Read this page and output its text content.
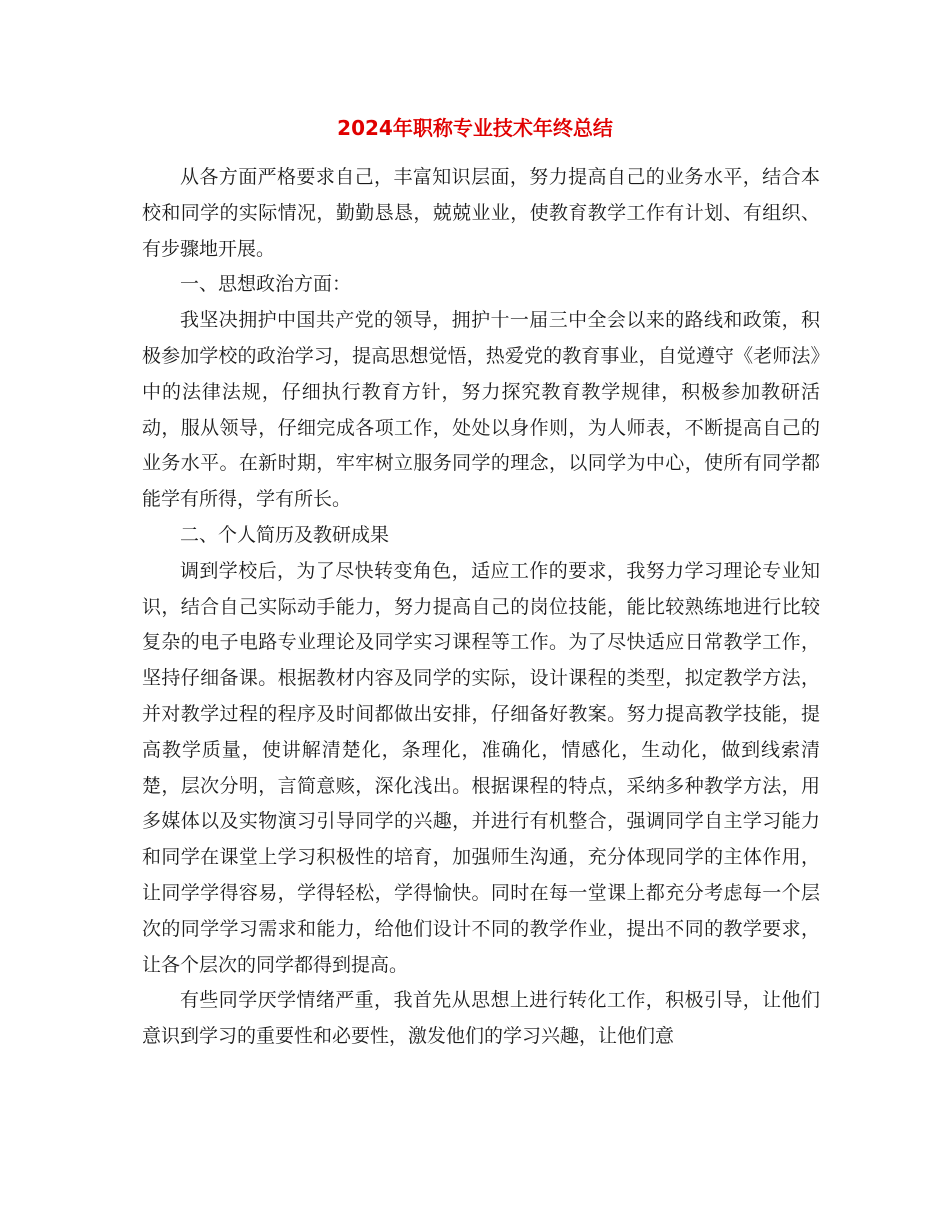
2024年职称专业技术年终总结

从各方面严格要求自己，丰富知识层面，努力提高自己的业务水平，结合本校和同学的实际情况，勤勤恳恳，兢兢业业，使教育教学工作有计划、有组织、有步骤地开展。

一、思想政治方面：

我坚决拥护中国共产党的领导，拥护十一届三中全会以来的路线和政策，积极参加学校的政治学习，提高思想觉悟，热爱党的教育事业，自觉遵守《老师法》中的法律法规，仔细执行教育方针，努力探究教育教学规律，积极参加教研活动，服从领导，仔细完成各项工作，处处以身作则，为人师表，不断提高自己的业务水平。在新时期，牢牢树立服务同学的理念，以同学为中心，使所有同学都能学有所得，学有所长。

二、个人简历及教研成果

调到学校后，为了尽快转变角色，适应工作的要求，我努力学习理论专业知识，结合自己实际动手能力，努力提高自己的岗位技能，能比较熟练地进行比较复杂的电子电路专业理论及同学实习课程等工作。为了尽快适应日常教学工作，坚持仔细备课。根据教材内容及同学的实际，设计课程的类型，拟定教学方法，并对教学过程的程序及时间都做出安排，仔细备好教案。努力提高教学技能，提高教学质量，使讲解清楚化，条理化，准确化，情感化，生动化，做到线索清楚，层次分明，言简意赅，深化浅出。根据课程的特点，采纳多种教学方法，用多媒体以及实物演习引导同学的兴趣，并进行有机整合，强调同学自主学习能力和同学在课堂上学习积极性的培育，加强师生沟通，充分体现同学的主体作用，让同学学得容易，学得轻松，学得愉快。同时在每一堂课上都充分考虑每一个层次的同学学习需求和能力，给他们设计不同的教学作业，提出不同的教学要求，让各个层次的同学都得到提高。

有些同学厌学情绪严重，我首先从思想上进行转化工作，积极引导，让他们意识到学习的重要性和必要性，激发他们的学习兴趣，让他们意
